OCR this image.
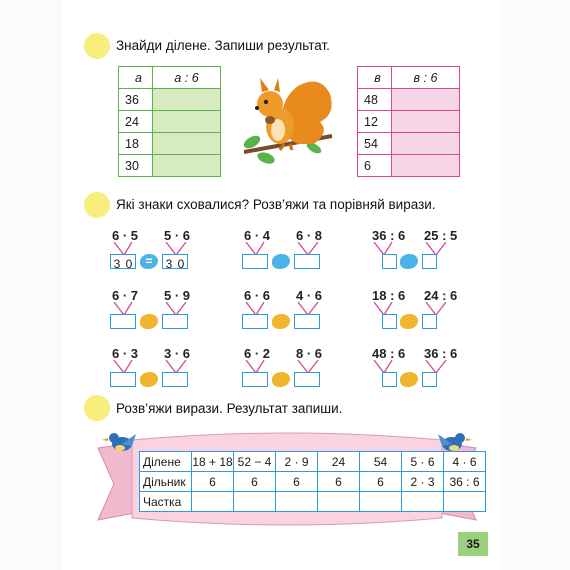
Знайди ділене. Запиши результат.
a	a : 6
36	
24	
18	
30	
в	в : 6
48	
12	
54	
6	
Які знаки сховалися? Розв’яжи та порівняй вирази.
6 · 5 5 · 6
3 0	=	3 0
6 · 4 6 · 8	36 : 6 25 : 5
6 · 7 5 · 9	6 · 6 4 · 6	18 : 6 24 : 6
6 · 3 3 · 6	6 · 2 8 · 6	48 : 6 36 : 6
Розв’яжи вирази. Результат запиши.
Ділене	18 + 18	52 − 4	2 · 9	24	54	5 · 6	4 · 6
Дільник	6	6	6	6	6	2 · 3	36 : 6
Частка							
35
